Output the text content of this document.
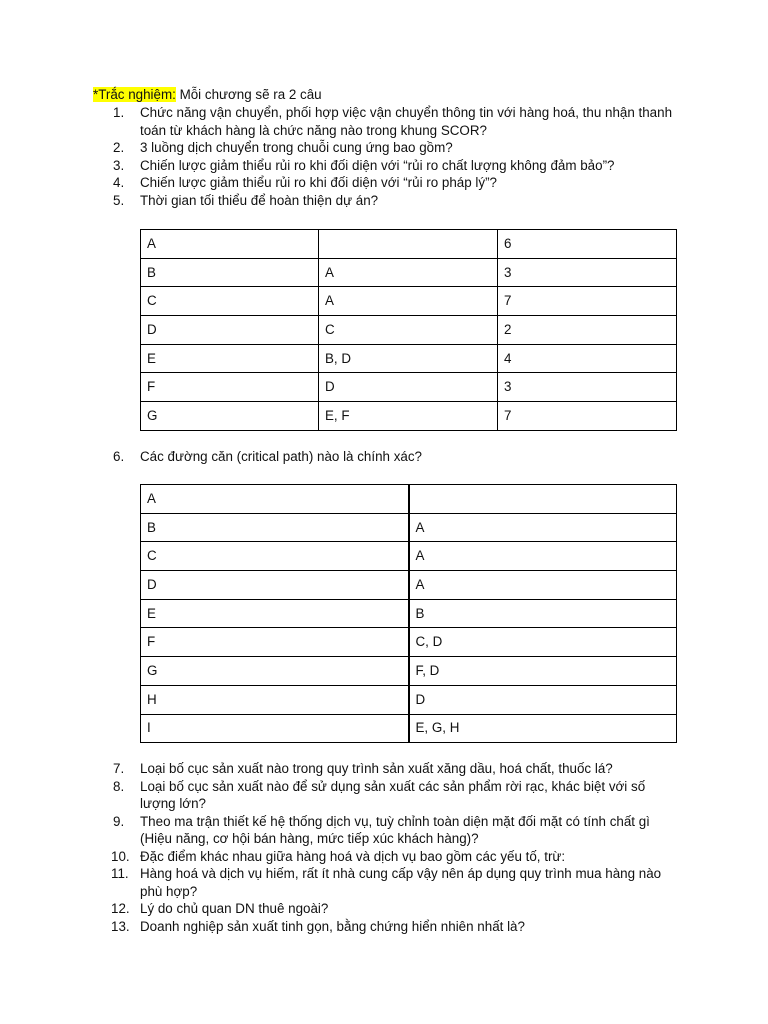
*Trắc nghiệm: Mỗi chương sẽ ra 2 câu
1.	Chức năng vận chuyển, phối hợp việc vận chuyển thông tin với hàng hoá, thu nhận thanh toán từ khách hàng là chức năng nào trong khung SCOR?
2.	3 luồng dịch chuyển trong chuỗi cung ứng bao gồm?
3.	Chiến lược giảm thiểu rủi ro khi đối diện với “rủi ro chất lượng không đảm bảo”?
4.	Chiến lược giảm thiểu rủi ro khi đối diện với “rủi ro pháp lý”?
5.	Thời gian tối thiểu để hoàn thiện dự án?
A		6
B	A	3
C	A	7
D	C	2
E	B, D	4
F	D	3
G	E, F	7
6.	Các đường căn (critical path) nào là chính xác?
A	
B	A
C	A
D	A
E	B
F	C, D
G	F, D
H	D
I	E, G, H
7.	Loại bố cục sản xuất nào trong quy trình sản xuất xăng dầu, hoá chất, thuốc lá?
8.	Loại bố cục sản xuất nào để sử dụng sản xuất các sản phẩm rời rạc, khác biệt với số lượng lớn?
9.	Theo ma trận thiết kế hệ thống dịch vụ, tuỳ chỉnh toàn diện mặt đối mặt có tính chất gì (Hiệu năng, cơ hội bán hàng, mức tiếp xúc khách hàng)?
10. Đặc điểm khác nhau giữa hàng hoá và dịch vụ bao gồm các yếu tố, trừ:
11. Hàng hoá và dịch vụ hiếm, rất ít nhà cung cấp vậy nên áp dụng quy trình mua hàng nào phù hợp?
12. Lý do chủ quan DN thuê ngoài?
13. Doanh nghiệp sản xuất tinh gọn, bằng chứng hiển nhiên nhất là?
